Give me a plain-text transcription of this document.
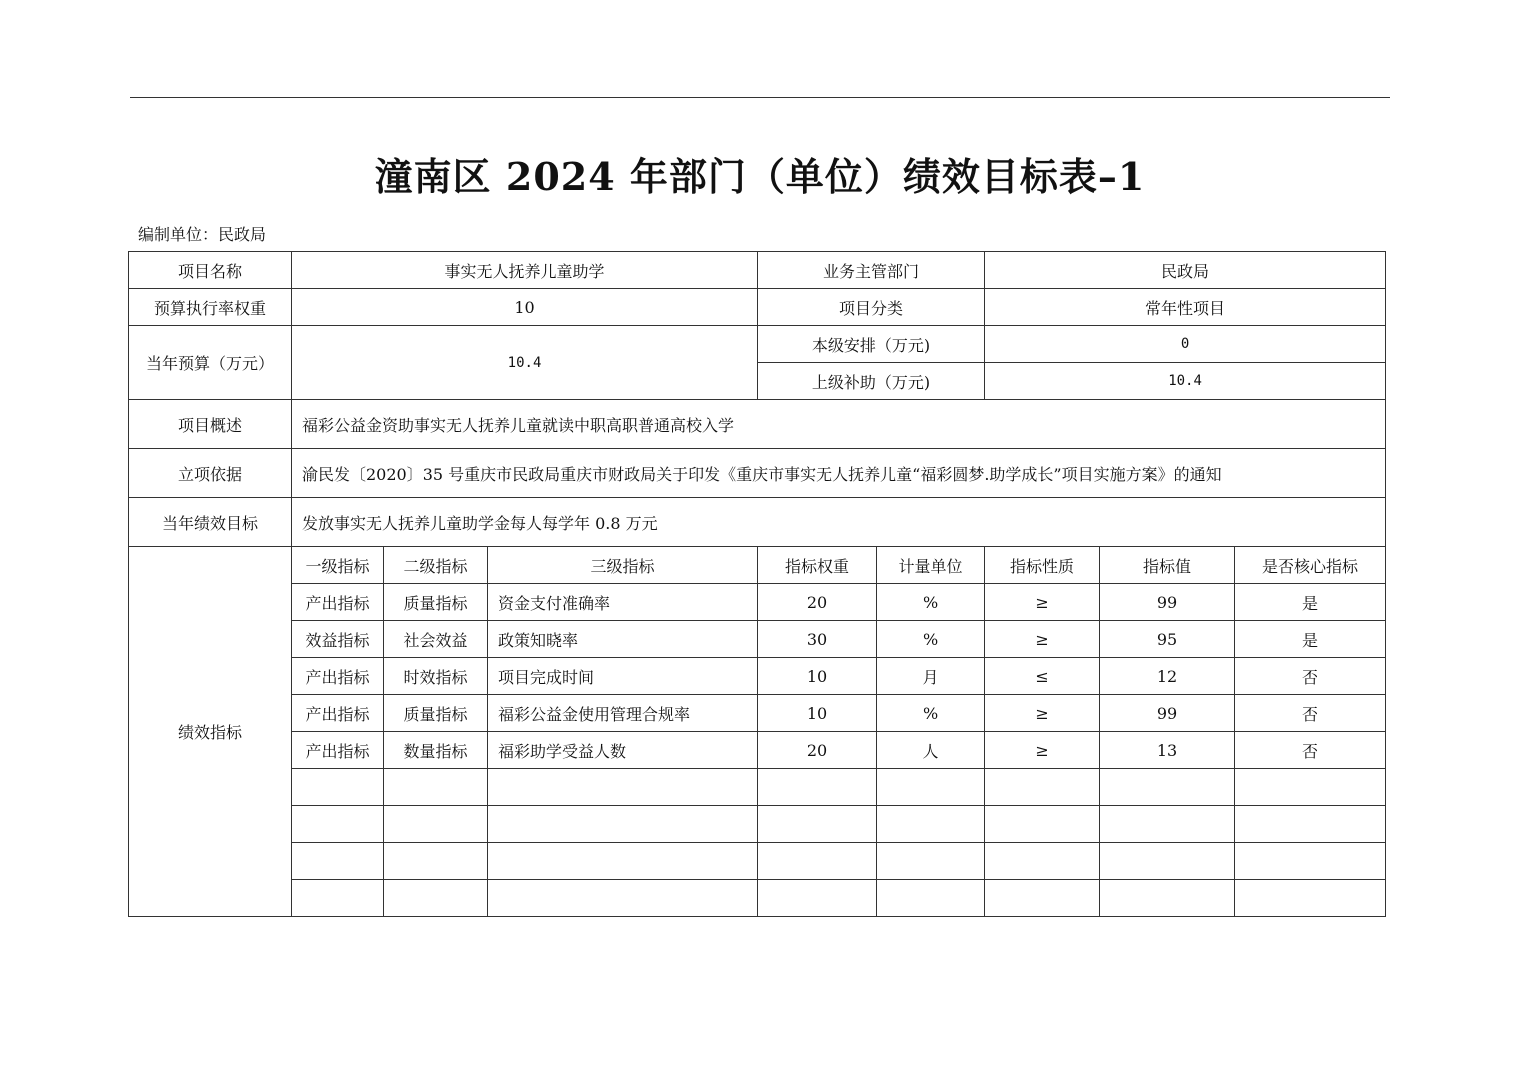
潼南区 2024 年部门（单位）绩效目标表–1
编制单位：民政局
项目名称	事实无人抚养儿童助学			业务主管部门		民政局		
预算执行率权重	10			项目分类		常年性项目		
当年预算（万元）	10.4			本级安排（万元)		0		
				上级补助（万元)		10.4		
项目概述	福彩公益金资助事实无人抚养儿童就读中职高职普通高校入学							
立项依据	渝民发〔2020〕35 号重庆市民政局重庆市财政局关于印发《重庆市事实无人抚养儿童“福彩圆梦.助学成长”项目实施方案》的通知							
当年绩效目标	发放事实无人抚养儿童助学金每人每学年 0.8 万元							
绩效指标	一级指标	二级指标	三级指标	指标权重	计量单位	指标性质	指标值	是否核心指标
	产出指标	质量指标	资金支付准确率	20	%	≥	99	是
	效益指标	社会效益	政策知晓率	30	%	≥	95	是
	产出指标	时效指标	项目完成时间	10	月	≤	12	否
	产出指标	质量指标	福彩公益金使用管理合规率	10	%	≥	99	否
	产出指标	数量指标	福彩助学受益人数	20	人	≥	13	否
